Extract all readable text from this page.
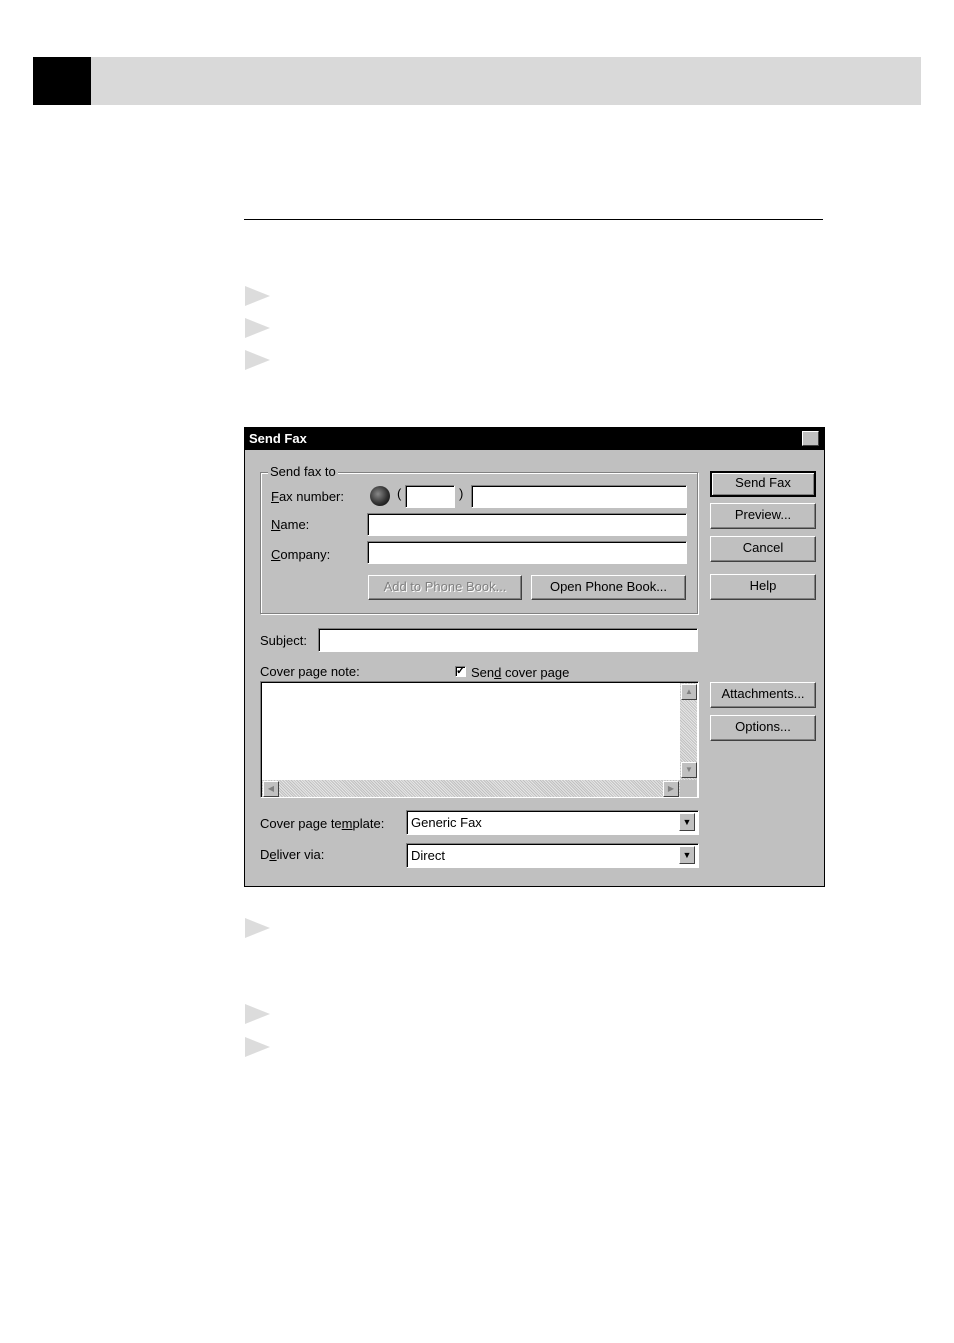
Send Fax
Send fax to
Fax number:	(	)
Name:
Company:
Add to Phone Book...	Open Phone Book...
Send Fax
Preview...
Cancel
Help
Attachments...
Options...
Subject:
Cover page note:	✓ Send cover page
▲
▼
◀	▶
Cover page template:	Generic Fax	▼
Deliver via:	Direct	▼
